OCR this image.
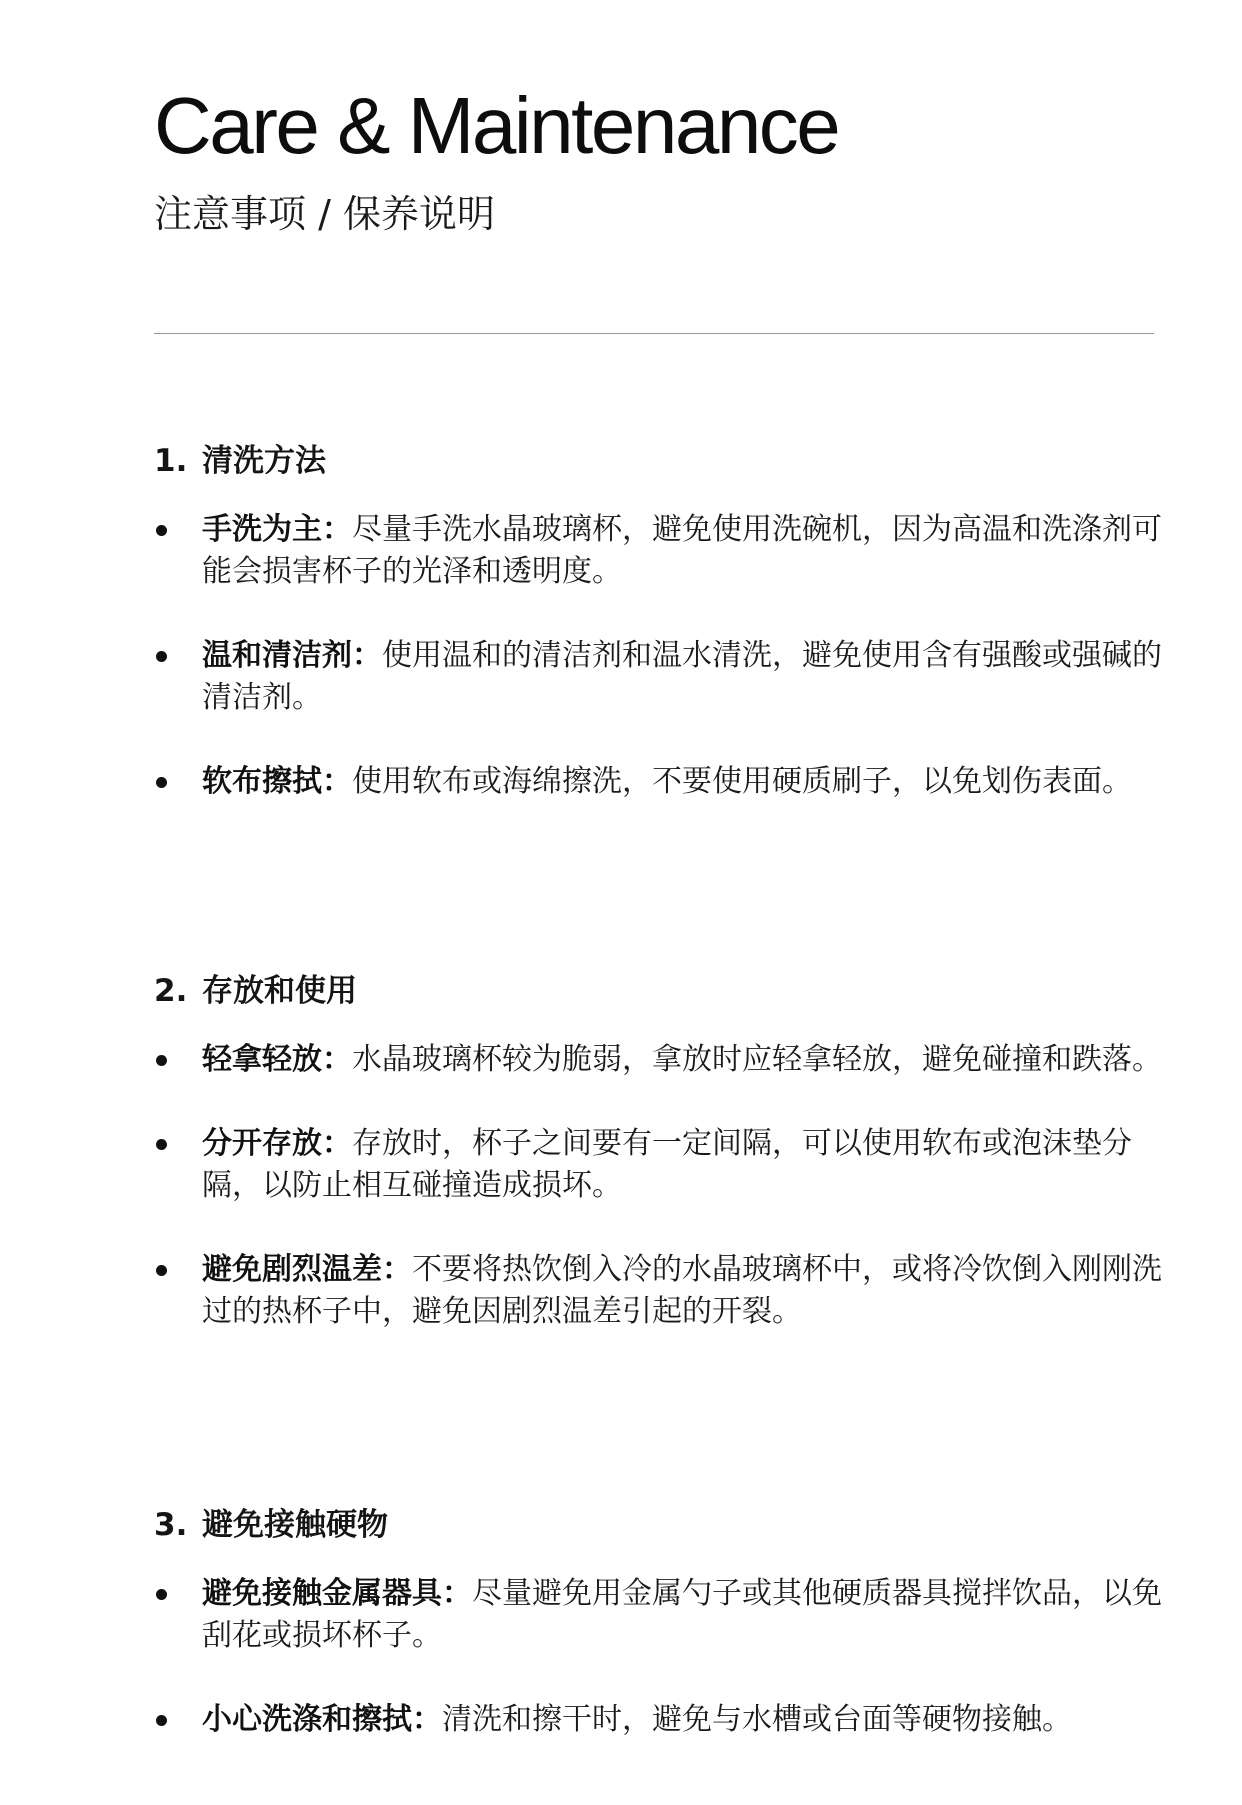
Care & Maintenance
注意事项 / 保养说明
1. 清洗方法
手洗为主：尽量手洗水晶玻璃杯，避免使用洗碗机，因为高温和洗涤剂可能会损害杯子的光泽和透明度。
温和清洁剂：使用温和的清洁剂和温水清洗，避免使用含有强酸或强碱的清洁剂。
软布擦拭：使用软布或海绵擦洗，不要使用硬质刷子，以免划伤表面。
2. 存放和使用
轻拿轻放：水晶玻璃杯较为脆弱，拿放时应轻拿轻放，避免碰撞和跌落。
分开存放：存放时，杯子之间要有一定间隔，可以使用软布或泡沫垫分隔，以防止相互碰撞造成损坏。
避免剧烈温差：不要将热饮倒入冷的水晶玻璃杯中，或将冷饮倒入刚刚洗过的热杯子中，避免因剧烈温差引起的开裂。
3. 避免接触硬物
避免接触金属器具：尽量避免用金属勺子或其他硬质器具搅拌饮品，以免刮花或损坏杯子。
小心洗涤和擦拭：清洗和擦干时，避免与水槽或台面等硬物接触。
